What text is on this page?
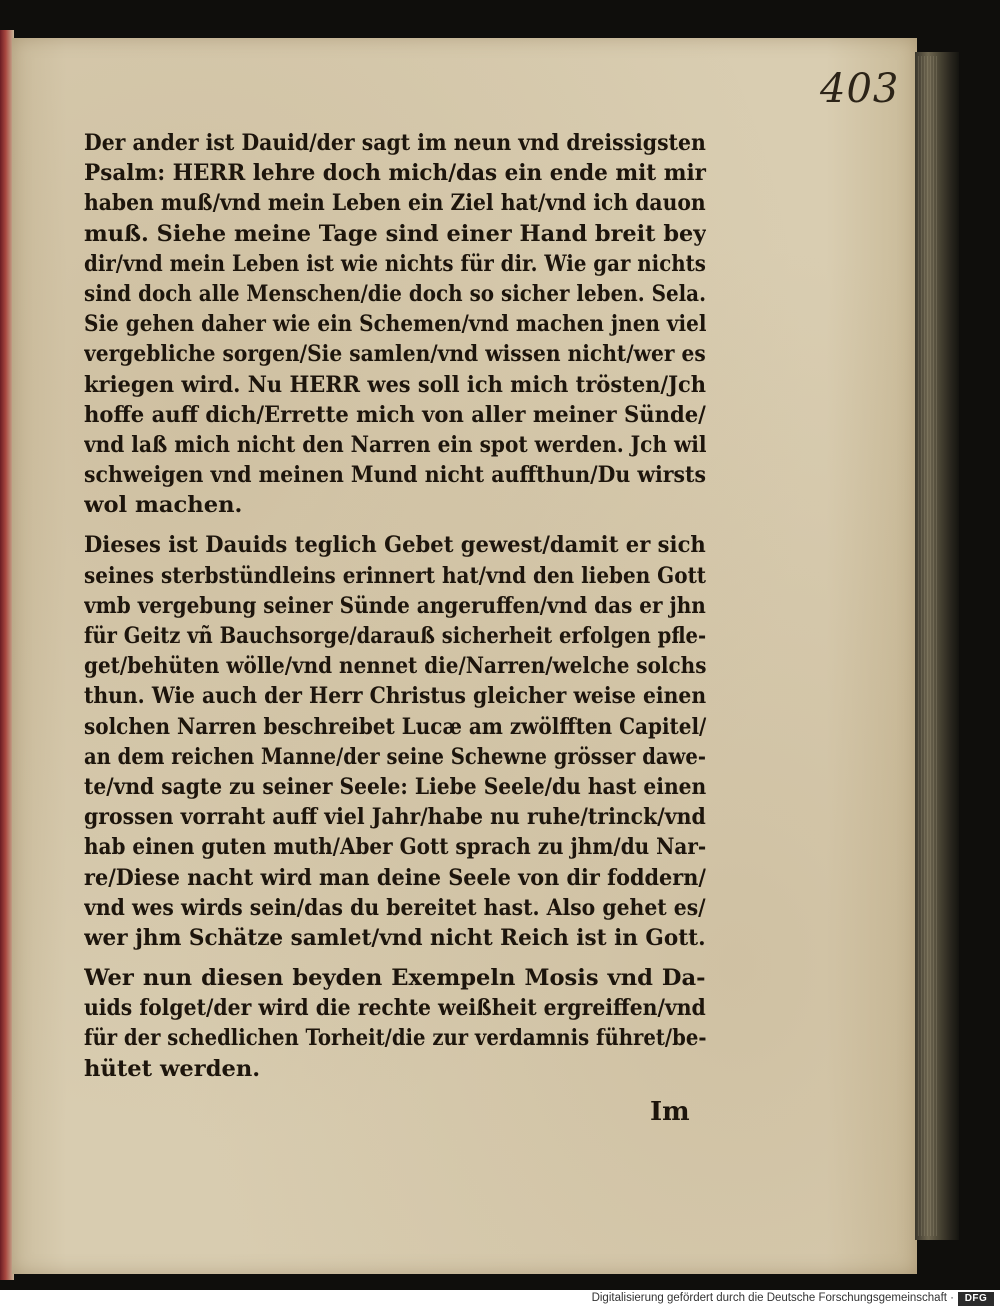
403
Der ander ist Dauid/der sagt im neun vnd dreissigsten
Psalm: HERR lehre doch mich/das ein ende mit mir
haben muß/vnd mein Leben ein Ziel hat/vnd ich dauon
muß. Siehe meine Tage sind einer Hand breit bey
dir/vnd mein Leben ist wie nichts für dir. Wie gar nichts
sind doch alle Menschen/die doch so sicher leben. Sela.
Sie gehen daher wie ein Schemen/vnd machen jnen viel
vergebliche sorgen/Sie samlen/vnd wissen nicht/wer es
kriegen wird. Nu HERR wes soll ich mich trösten/Jch
hoffe auff dich/Errette mich von aller meiner Sünde/
vnd laß mich nicht den Narren ein spot werden. Jch wil
schweigen vnd meinen Mund nicht auffthun/Du wirsts
wol machen.
Dieses ist Dauids teglich Gebet gewest/damit er sich
seines sterbstündleins erinnert hat/vnd den lieben Gott
vmb vergebung seiner Sünde angeruffen/vnd das er jhn
für Geitz vñ Bauchsorge/darauß sicherheit erfolgen pfle-
get/behüten wölle/vnd nennet die/Narren/welche solchs
thun. Wie auch der Herr Christus gleicher weise einen
solchen Narren beschreibet Lucæ am zwölfften Capitel/
an dem reichen Manne/der seine Schewne grösser dawe-
te/vnd sagte zu seiner Seele: Liebe Seele/du hast einen
grossen vorraht auff viel Jahr/habe nu ruhe/trinck/vnd
hab einen guten muth/Aber Gott sprach zu jhm/du Nar-
re/Diese nacht wird man deine Seele von dir foddern/
vnd wes wirds sein/das du bereitet hast. Also gehet es/
wer jhm Schätze samlet/vnd nicht Reich ist in Gott.
Wer nun diesen beyden Exempeln Mosis vnd Da-
uids folget/der wird die rechte weißheit ergreiffen/vnd
für der schedlichen Torheit/die zur verdamnis führet/be-
hütet werden.
Im
Digitalisierung gefördert durch die Deutsche Forschungsgemeinschaft ·	DFG
